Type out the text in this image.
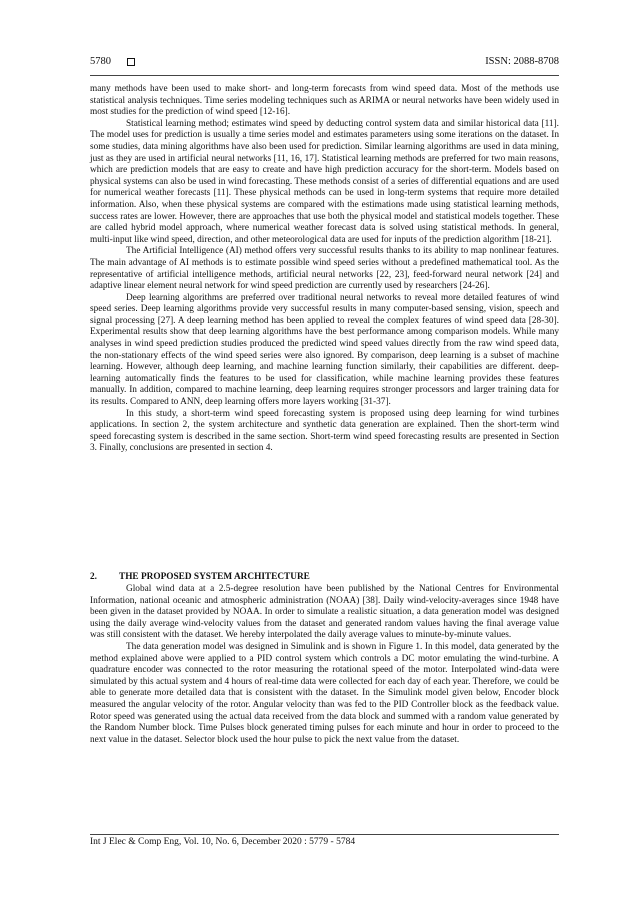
5780	ISSN: 2088-8708

many methods have been used to make short- and long-term forecasts from wind speed data. Most of the methods use statistical analysis techniques. Time series modeling techniques such as ARIMA or neural networks have been widely used in most studies for the prediction of wind speed [12-16].

Statistical learning method; estimates wind speed by deducting control system data and similar historical data [11]. The model uses for prediction is usually a time series model and estimates parameters using some iterations on the dataset. In some studies, data mining algorithms have also been used for prediction. Similar learning algorithms are used in data mining, just as they are used in artificial neural networks [11, 16, 17]. Statistical learning methods are preferred for two main reasons, which are prediction models that are easy to create and have high prediction accuracy for the short-term. Models based on physical systems can also be used in wind forecasting. These methods consist of a series of differential equations and are used for numerical weather forecasts [11]. These physical methods can be used in long-term systems that require more detailed information. Also, when these physical systems are compared with the estimations made using statistical learning methods, success rates are lower. However, there are approaches that use both the physical model and statistical models together. These are called hybrid model approach, where numerical weather forecast data is solved using statistical methods. In general, multi-input like wind speed, direction, and other meteorological data are used for inputs of the prediction algorithm [18-21].

The Artificial Intelligence (AI) method offers very successful results thanks to its ability to map nonlinear features. The main advantage of AI methods is to estimate possible wind speed series without a predefined mathematical tool. As the representative of artificial intelligence methods, artificial neural networks [22, 23], feed-forward neural network [24] and adaptive linear element neural network for wind speed prediction are currently used by researchers [24-26].

Deep learning algorithms are preferred over traditional neural networks to reveal more detailed features of wind speed series. Deep learning algorithms provide very successful results in many computer-based sensing, vision, speech and signal processing [27]. A deep learning method has been applied to reveal the complex features of wind speed data [28-30]. Experimental results show that deep learning algorithms have the best performance among comparison models. While many analyses in wind speed prediction studies produced the predicted wind speed values directly from the raw wind speed data, the non-stationary effects of the wind speed series were also ignored. By comparison, deep learning is a subset of machine learning. However, although deep learning, and machine learning function similarly, their capabilities are different. deep-learning automatically finds the features to be used for classification, while machine learning provides these features manually. In addition, compared to machine learning, deep learning requires stronger processors and larger training data for its results. Compared to ANN, deep learning offers more layers working [31-37].

In this study, a short-term wind speed forecasting system is proposed using deep learning for wind turbines applications. In section 2, the system architecture and synthetic data generation are explained. Then the short-term wind speed forecasting system is described in the same section. Short-term wind speed forecasting results are presented in Section 3. Finally, conclusions are presented in section 4.

2. THE PROPOSED SYSTEM ARCHITECTURE

Global wind data at a 2.5-degree resolution have been published by the National Centres for Environmental Information, national oceanic and atmospheric administration (NOAA) [38]. Daily wind-velocity-averages since 1948 have been given in the dataset provided by NOAA. In order to simulate a realistic situation, a data generation model was designed using the daily average wind-velocity values from the dataset and generated random values having the final average value was still consistent with the dataset. We hereby interpolated the daily average values to minute-by-minute values.

The data generation model was designed in Simulink and is shown in Figure 1. In this model, data generated by the method explained above were applied to a PID control system which controls a DC motor emulating the wind-turbine. A quadrature encoder was connected to the rotor measuring the rotational speed of the motor. Interpolated wind-data were simulated by this actual system and 4 hours of real-time data were collected for each day of each year. Therefore, we could be able to generate more detailed data that is consistent with the dataset. In the Simulink model given below, Encoder block measured the angular velocity of the rotor. Angular velocity than was fed to the PID Controller block as the feedback value. Rotor speed was generated using the actual data received from the data block and summed with a random value generated by the Random Number block. Time Pulses block generated timing pulses for each minute and hour in order to proceed to the next value in the dataset. Selector block used the hour pulse to pick the next value from the dataset.

Int J Elec & Comp Eng, Vol. 10, No. 6, December 2020 : 5779 - 5784
